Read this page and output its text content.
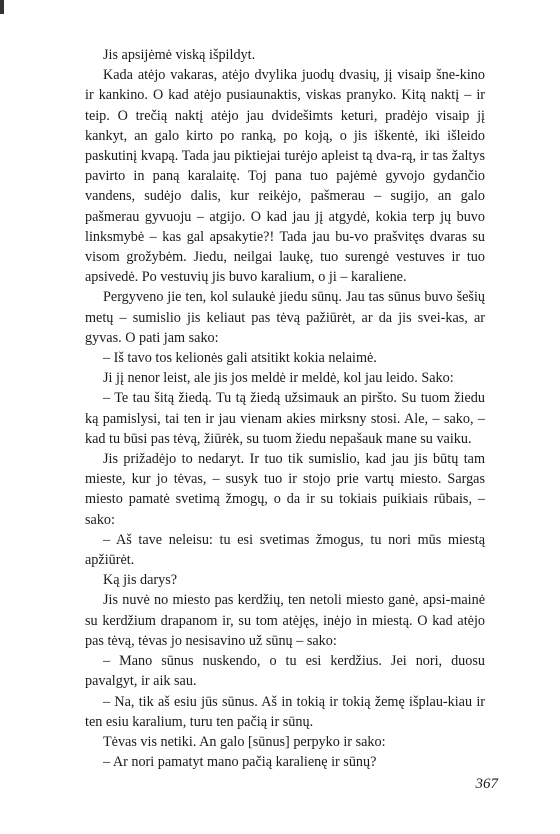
Jis apsijėmė viską išpildyt.

Kada atėjo vakaras, atėjo dvylika juodų dvasių, jį visaip šne-kino ir kankino. O kad atėjo pusiaunaktis, viskas pranyko. Kitą naktį – ir teip. O trečią naktį atėjo jau dvidešimts keturi, pradėjo visaip jį kankyt, an galo kirto po ranką, po koją, o jis iškentė, iki išleido paskutinį kvapą. Tada jau piktiejai turėjo apleist tą dva-rą, ir tas žaltys pavirto in paną karalaitę. Toj pana tuo pajėmė gyvojo gydančio vandens, sudėjo dalis, kur reikėjo, pašmerau – sugijo, an galo pašmerau gyvuoju – atgijo. O kad jau jį atgydė, kokia terp jų buvo linksmybė – kas gal apsakytie?! Tada jau bu-vo prašvitęs dvaras su visom grožybėm. Jiedu, neilgai laukę, tuo surengė vestuves ir tuo apsivedė. Po vestuvių jis buvo karalium, o ji – karaliene.

Pergyveno jie ten, kol sulaukė jiedu sūnų. Jau tas sūnus buvo šešių metų – sumislio jis keliaut pas tėvą pažiūrėt, ar da jis svei-kas, ar gyvas. O pati jam sako:

– Iš tavo tos kelionės gali atsitikt kokia nelaimė.

Ji jį nenor leist, ale jis jos meldė ir meldė, kol jau leido. Sako:

– Te tau šitą žiedą. Tu tą žiedą užsimauk an piršto. Su tuom žiedu ką pamislysi, tai ten ir jau vienam akies mirksny stosi. Ale, – sako, – kad tu būsi pas tėvą, žiūrėk, su tuom žiedu nepašauk mane su vaiku.

Jis prižadėjo to nedaryt. Ir tuo tik sumislio, kad jau jis būtų tam mieste, kur jo tėvas, – susyk tuo ir stojo prie vartų miesto. Sargas miesto pamatė svetimą žmogų, o da ir su tokiais puikiais rūbais, – sako:

– Aš tave neleisu: tu esi svetimas žmogus, tu nori mūs miestą apžiūrėt.

Ką jis darys?

Jis nuvė no miesto pas kerdžių, ten netoli miesto ganė, apsi-mainė su kerdžium drapanom ir, su tom atėjęs, inėjo in miestą. O kad atėjo pas tėvą, tėvas jo nesisavino už sūnų – sako:

– Mano sūnus nuskendo, o tu esi kerdžius. Jei nori, duosu pavalgyt, ir aik sau.

– Na, tik aš esiu jūs sūnus. Aš in tokią ir tokią žemę išplau-kiau ir ten esiu karalium, turu ten pačią ir sūnų.

Tėvas vis netiki. An galo [sūnus] perpyko ir sako:

– Ar nori pamatyt mano pačią karalienę ir sūnų?

367
